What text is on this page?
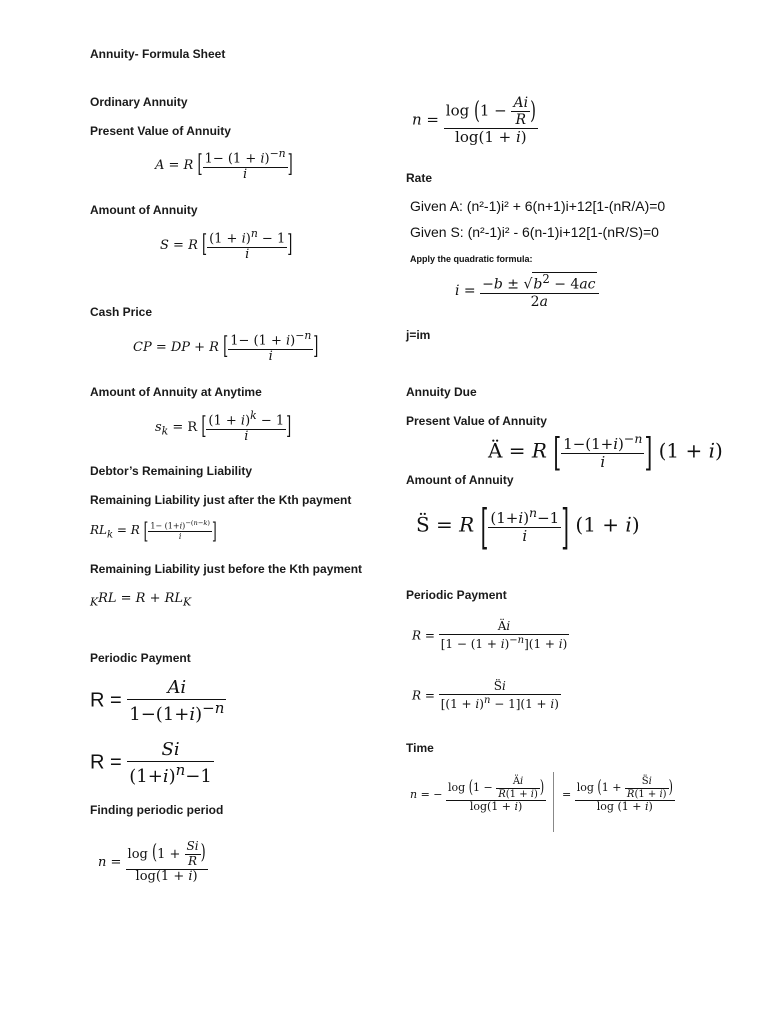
Annuity- Formula Sheet
Ordinary Annuity
Present Value of Annuity
A = R [ $\frac{1- (1 + i)^{-n}}{i}$ ]
Amount of Annuity
S = R [ $\frac{(1 + i)^n - 1}{i}$ ]
Cash Price
CP = DP + R [ $\frac{1- (1 + i)^{-n}}{i}$ ]
Amount of Annuity at Anytime
$s_k = R$ [ $\frac{(1 + i)^k - 1}{i}$ ]
Debtor’s Remaining Liability
Remaining Liability just after the Kth payment
$RL_k = R$ [ $\frac{1- (1+i)^{-(n-k)}}{i}$ ]
Remaining Liability just before the Kth payment
$_KRL = R + RL_K$
Periodic Payment
$R = \frac{Ai}{1-(1+i)^{-n}}$
$R = \frac{Si}{(1+i)^n-1}$
Finding periodic period
$n = \frac{\log (1 + \frac{Si}{R} )}{\log(1 + i)}$
$n = \frac{\log (1 - \frac{Ai}{R} )}{\log(1 + i)}$
Rate
Given A: (n²-1)i² + 6(n+1)i+12[1-(nR/A)=0
Given S: (n²-1)i² - 6(n-1)i+12[1-(nR/S)=0
Apply the quadratic formula:
$i = \frac{-b \pm √b^2 - 4ac}{2a}$
j=im
Annuity Due
Present Value of Annuity
Ä = R [ $\frac{1-(1+i)^{-n}}{i}$ ] (1 + i)
Amount of Annuity
S̈ = R [ $\frac{(1+i)^n-1}{i}$ ] (1 + i)
Periodic Payment
$R = \frac{Äi}{[1 - (1 + i)^{-n}](1 + i)}$
$R = \frac{S̈i}{[(1 + i)^n - 1](1 + i)}$
Time
n = − $\frac{\log (1 - \frac{Äi}{R(1 + i)} )}{\log(1 + i)} = \frac{\log (1 + \frac{S̈i}{R(1 + i)} )}{\log (1 + i)}$
